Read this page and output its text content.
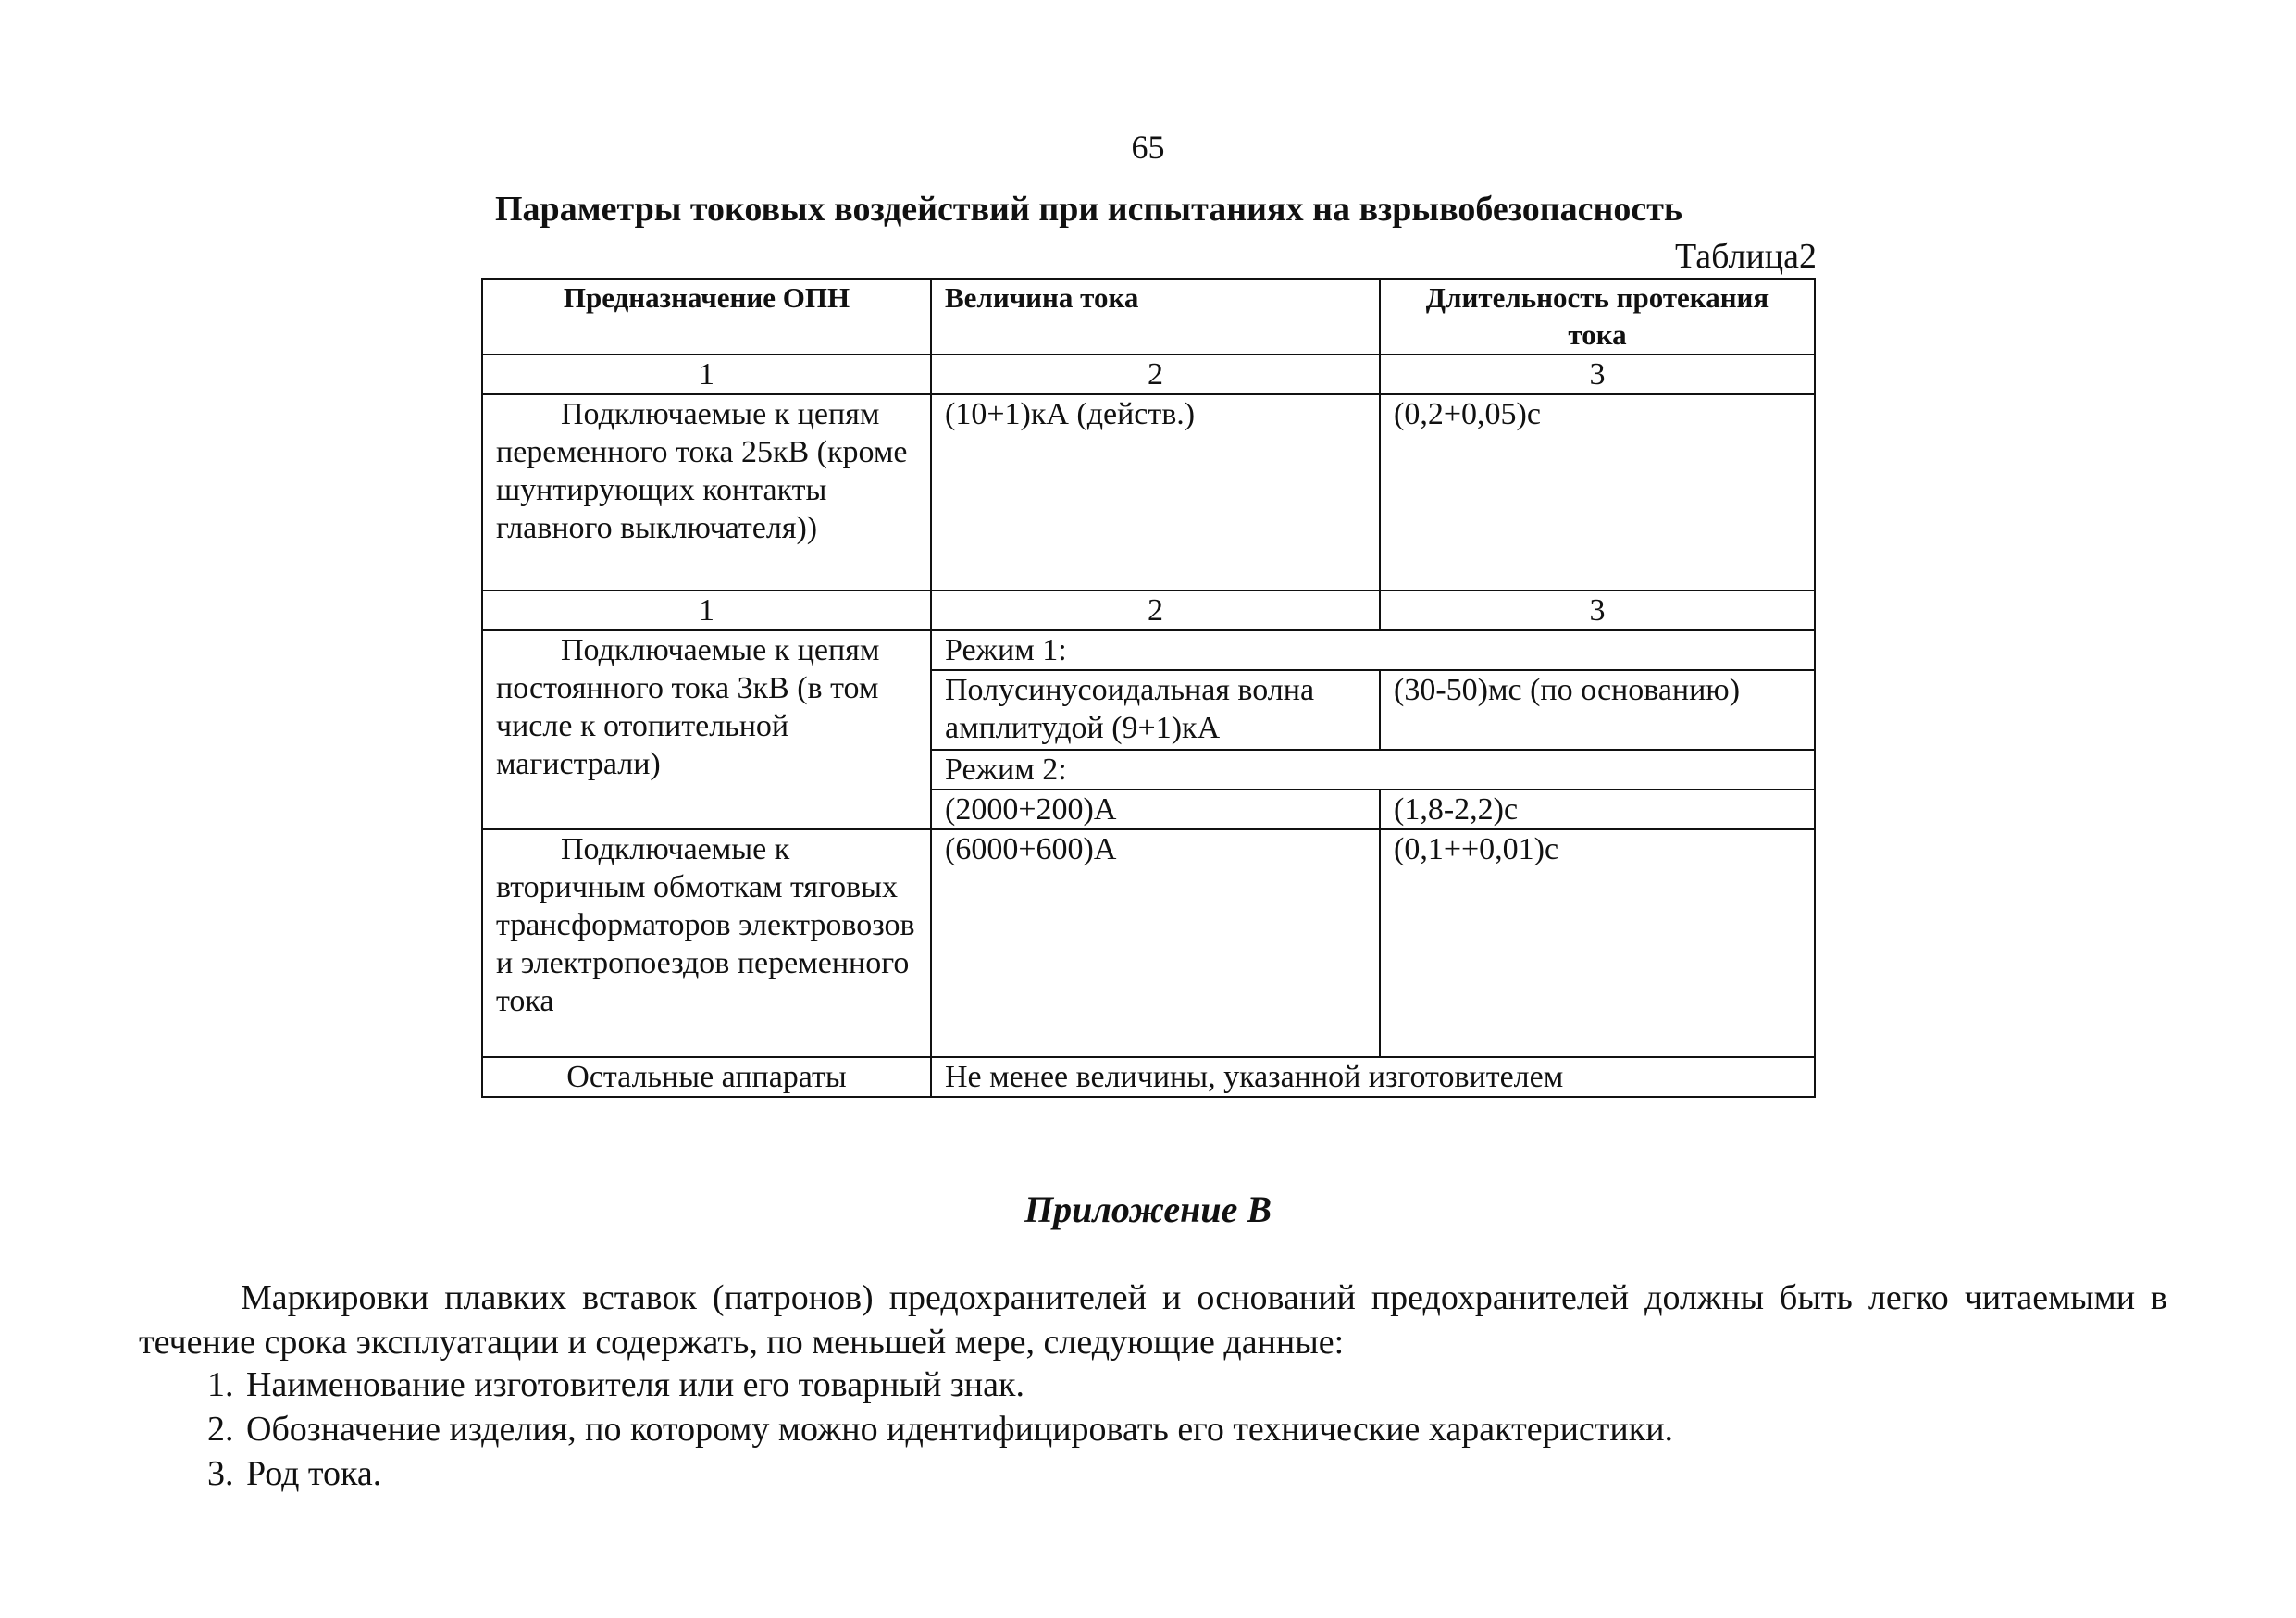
65
Параметры токовых воздействий при испытаниях на взрывобезопасность
Таблица2
Предназначение ОПН	Величина тока	Длительность протекания тока
1	2	3
Подключаемые к цепям переменного тока 25кВ (кроме шунтирующих контакты главного выключателя))	(10+1)кА (действ.)	(0,2+0,05)с
1	2	3
Подключаемые к цепям постоянного тока 3кВ (в том числе к отопительной магистрали)	Режим 1:	
	Полусинусоидальная волна амплитудой (9+1)кА	(30-50)мс (по основанию)
	Режим 2:	
	(2000+200)А	(1,8-2,2)с
Подключаемые к вторичным обмоткам тяговых трансформаторов электровозов и электропоездов переменного тока	(6000+600)А	(0,1++0,01)с
Остальные аппараты	Не менее величины, указанной изготовителем	
Приложение В
Маркировки плавких вставок (патронов) предохранителей и оснований предохранителей должны быть легко читаемыми в течение срока эксплуатации и содержать, по меньшей мере, следующие данные:
1. Наименование изготовителя или его товарный знак.
2. Обозначение изделия, по которому можно идентифицировать его технические характеристики.
3. Род тока.
